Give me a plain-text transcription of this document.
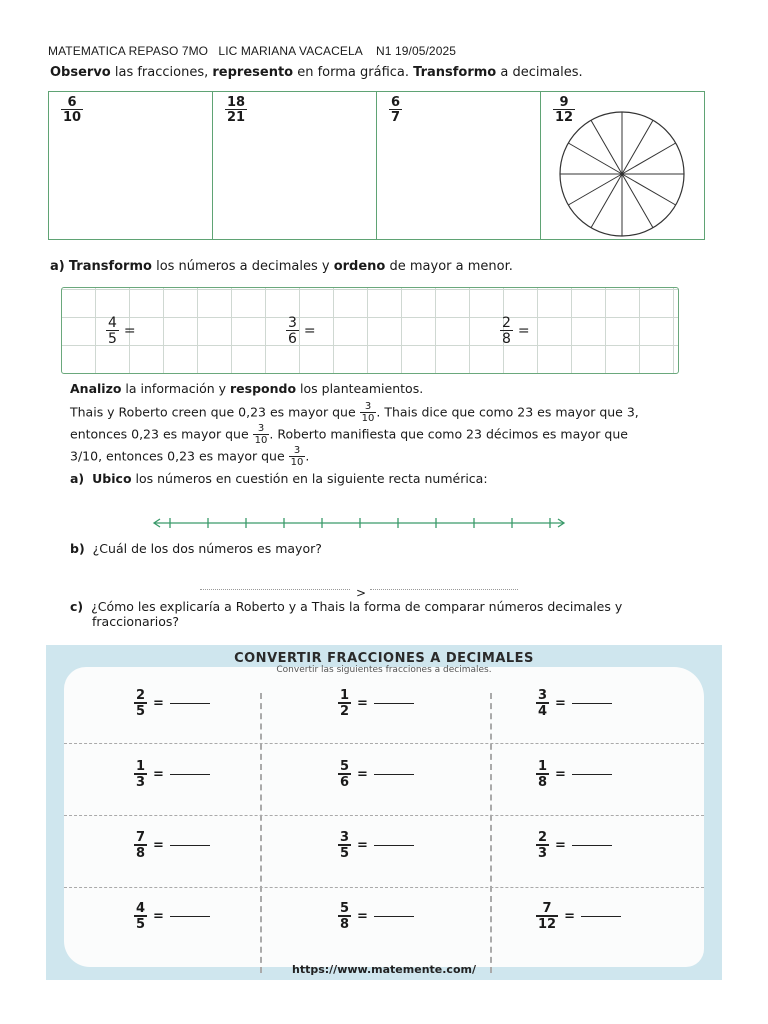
MATEMATICA REPASO 7MO   LIC MARIANA VACACELA    N1 19/05/2025
Observo las fracciones, represento en forma gráfica. Transformo a decimales.
$\frac{6}{10}$	$\frac{18}{21}$	$\frac{6}{7}$	$\frac{9}{12}$
a) Transformo los números a decimales y ordeno de mayor a menor.
$\frac{4}{5}$ =	$\frac{3}{6}$ =	$\frac{2}{8}$ =
Analizo la información y respondo los planteamientos.
Thais y Roberto creen que 0,23 es mayor que $\frac{3}{10}$ . Thais dice que como 23 es mayor que 3,
entonces 0,23 es mayor que $\frac{3}{10}$ . Roberto manifiesta que como 23 décimos es mayor que
3/10, entonces 0,23 es mayor que $\frac{3}{10}$ .
a) Ubico los números en cuestión en la siguiente recta numérica:
b) ¿Cuál de los dos números es mayor?
>
c) ¿Cómo les explicaría a Roberto y a Thais la forma de comparar números decimales y
fraccionarios?
CONVERTIR FRACCIONES A DECIMALES
Convertir las siguientes fracciones a decimales.
$\frac{2}{5}$ =	$\frac{1}{2}$ =	$\frac{3}{4}$ =
$\frac{1}{3}$ =	$\frac{5}{6}$ =	$\frac{1}{8}$ =
$\frac{7}{8}$ =	$\frac{3}{5}$ =	$\frac{2}{3}$ =
$\frac{4}{5}$ =	$\frac{5}{8}$ =	$\frac{7}{12}$ =
https://www.matemente.com/
